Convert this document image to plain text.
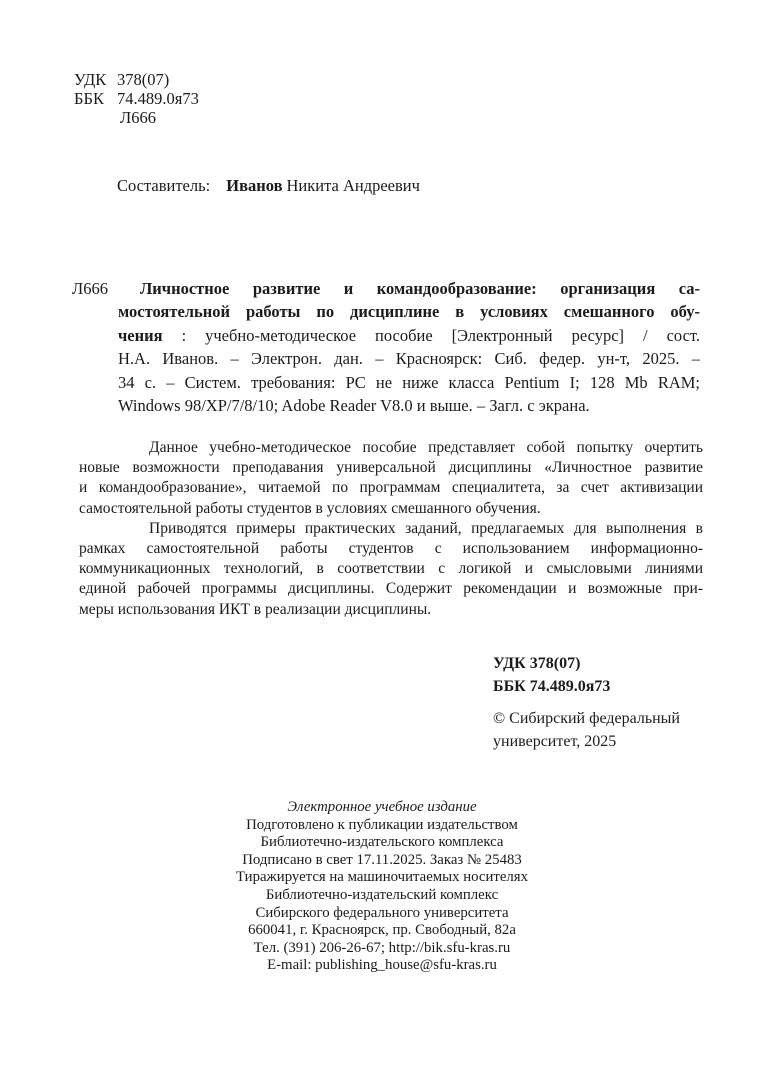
УДК 378(07)
ББК 74.489.0я73
Л666
Составитель: Иванов Никита Андреевич
Л666	Личностное развитие и командообразование: организация са-
мостоятельной работы по дисциплине в условиях смешанного обу-
чения : учебно-методическое пособие [Электронный ресурс] / сост.
Н.А. Иванов. – Электрон. дан. – Красноярск: Сиб. федер. ун-т, 2025. –
34 с. – Систем. требования: PC не ниже класса Pentium I; 128 Mb RAM;
Windows 98/XP/7/8/10; Adobe Reader V8.0 и выше. – Загл. с экрана.
Данное учебно-методическое пособие представляет собой попытку очертить
новые возможности преподавания универсальной дисциплины «Личностное развитие
и командообразование», читаемой по программам специалитета, за счет активизации
самостоятельной работы студентов в условиях смешанного обучения.
Приводятся примеры практических заданий, предлагаемых для выполнения в
рамках самостоятельной работы студентов с использованием информационно-
коммуникационных технологий, в соответствии с логикой и смысловыми линиями
единой рабочей программы дисциплины. Содержит рекомендации и возможные при-
меры использования ИКТ в реализации дисциплины.
УДК 378(07)
ББК 74.489.0я73
© Сибирский федеральный
университет, 2025
Электронное учебное издание
Подготовлено к публикации издательством
Библиотечно-издательского комплекса
Подписано в свет 17.11.2025. Заказ № 25483
Тиражируется на машиночитаемых носителях
Библиотечно-издательский комплекс
Сибирского федерального университета
660041, г. Красноярск, пр. Свободный, 82а
Тел. (391) 206-26-67; http://bik.sfu-kras.ru
E-mail: publishing_house@sfu-kras.ru
